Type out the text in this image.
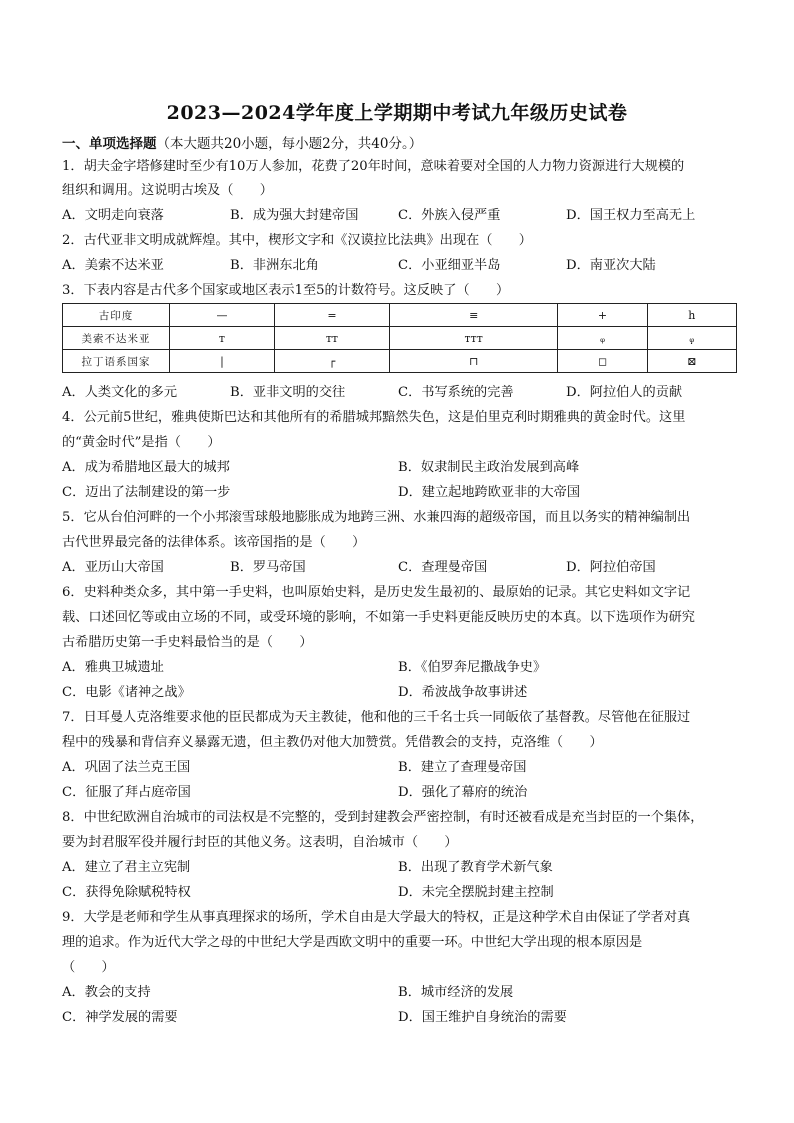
2023—2024学年度上学期期中考试九年级历史试卷
一、单项选择题（本大题共20小题，每小题2分，共40分。）
1．胡夫金字塔修建时至少有10万人参加，花费了20年时间，意味着要对全国的人力物力资源进行大规模的
组织和调用。这说明古埃及（　　）
A．文明走向衰落	B．成为强大封建帝国	C．外族入侵严重	D．国王权力至高无上
2．古代亚非文明成就辉煌。其中，楔形文字和《汉谟拉比法典》出现在（　　）
A．美索不达米亚	B．非洲东北角	C．小亚细亚半岛	D．南亚次大陆
3．下表内容是古代多个国家或地区表示1至5的计数符号。这反映了（　　）
古印度	—	=	≡	+	h
美索不达米亚	ᴛ	ᴛᴛ	ᴛᴛᴛ	ᵩ	ᵩ̣
拉丁语系国家	|	┌	⊓	◻	⊠
A．人类文化的多元	B．亚非文明的交往	C．书写系统的完善	D．阿拉伯人的贡献
4．公元前5世纪，雅典使斯巴达和其他所有的希腊城邦黯然失色，这是伯里克利时期雅典的黄金时代。这里
的“黄金时代”是指（　　）
A．成为希腊地区最大的城邦	B．奴隶制民主政治发展到高峰
C．迈出了法制建设的第一步	D．建立起地跨欧亚非的大帝国
5．它从台伯河畔的一个小邦滚雪球般地膨胀成为地跨三洲、水兼四海的超级帝国，而且以务实的精神编制出
古代世界最完备的法律体系。该帝国指的是（　　）
A．亚历山大帝国	B．罗马帝国	C．查理曼帝国	D．阿拉伯帝国
6．史料种类众多，其中第一手史料，也叫原始史料，是历史发生最初的、最原始的记录。其它史料如文字记
载、口述回忆等或由立场的不同，或受环境的影响，不如第一手史料更能反映历史的本真。以下选项作为研究
古希腊历史第一手史料最恰当的是（　　）
A．雅典卫城遗址	B．《伯罗奔尼撒战争史》
C．电影《诸神之战》	D．希波战争故事讲述
7．日耳曼人克洛维要求他的臣民都成为天主教徒，他和他的三千名士兵一同皈依了基督教。尽管他在征服过
程中的残暴和背信弃义暴露无遗，但主教仍对他大加赞赏。凭借教会的支持，克洛维（　　）
A．巩固了法兰克王国	B．建立了查理曼帝国
C．征服了拜占庭帝国	D．强化了幕府的统治
8．中世纪欧洲自治城市的司法权是不完整的，受到封建教会严密控制，有时还被看成是充当封臣的一个集体，
要为封君服军役并履行封臣的其他义务。这表明，自治城市（　　）
A．建立了君主立宪制	B．出现了教育学术新气象
C．获得免除赋税特权	D．未完全摆脱封建主控制
9．大学是老师和学生从事真理探求的场所，学术自由是大学最大的特权，正是这种学术自由保证了学者对真
理的追求。作为近代大学之母的中世纪大学是西欧文明中的重要一环。中世纪大学出现的根本原因是
（　　）
A．教会的支持	B．城市经济的发展
C．神学发展的需要	D．国王维护自身统治的需要
